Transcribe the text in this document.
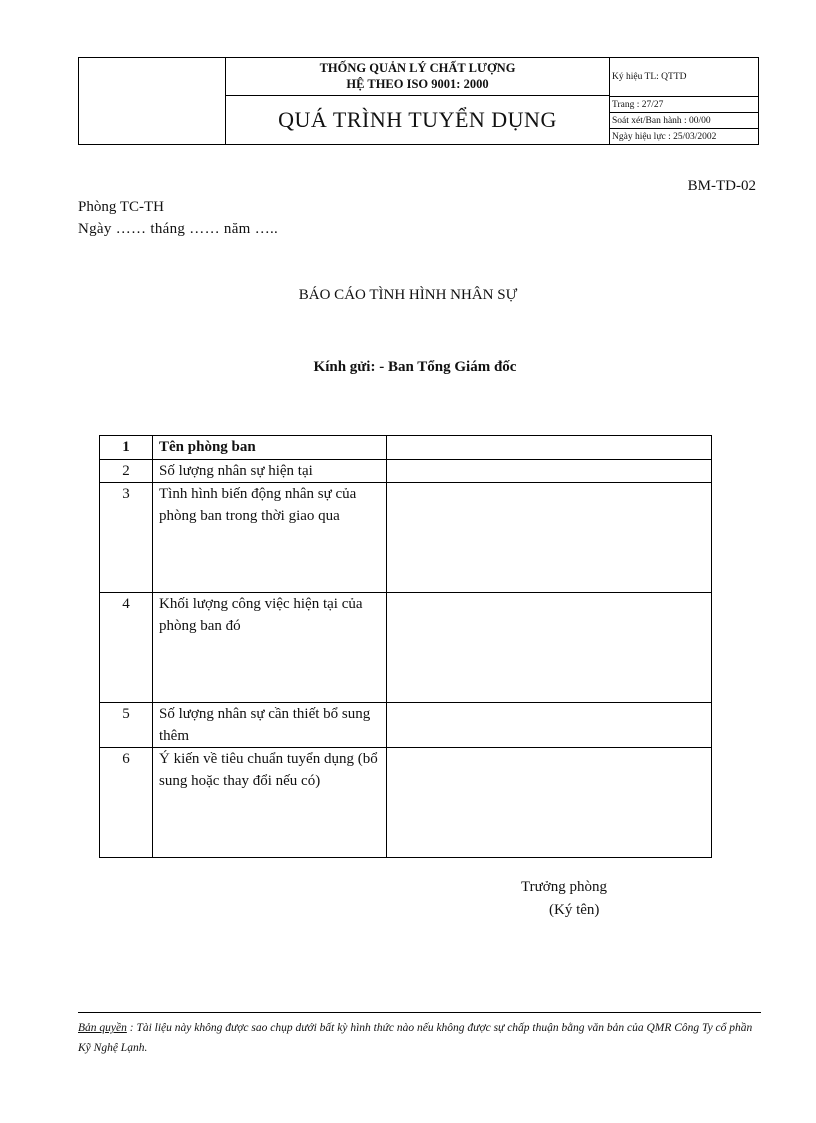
THỐNG QUẢN LÝ CHẤT LƯỢNG
HỆ THEO ISO 9001: 2000
QUÁ TRÌNH TUYỂN DỤNG
Ký hiệu TL: QTTD
Trang : 27/27
Soát xét/Ban hành : 00/00
Ngày hiệu lực : 25/03/2002
BM-TD-02
Phòng TC-TH
Ngày …… tháng …… năm …..
BÁO CÁO TÌNH HÌNH NHÂN SỰ
Kính gửi: - Ban Tổng Giám đốc
1	Tên phòng ban	
2	Số lượng nhân sự hiện tại	
3	Tình hình biến động nhân sự của phòng ban trong thời giao qua	
4	Khối lượng công việc hiện tại của phòng ban đó	
5	Số lượng nhân sự cần thiết bổ sung thêm	
6	Ý kiến về tiêu chuẩn tuyển dụng (bổ sung hoặc thay đổi nếu có)	
Trưởng phòng
(Ký tên)
Bản quyền : Tài liệu này không được sao chụp dưới bất kỳ hình thức nào nếu không được sự chấp thuận bằng văn bản của QMR Công Ty cổ phần Kỹ Nghệ Lạnh.
